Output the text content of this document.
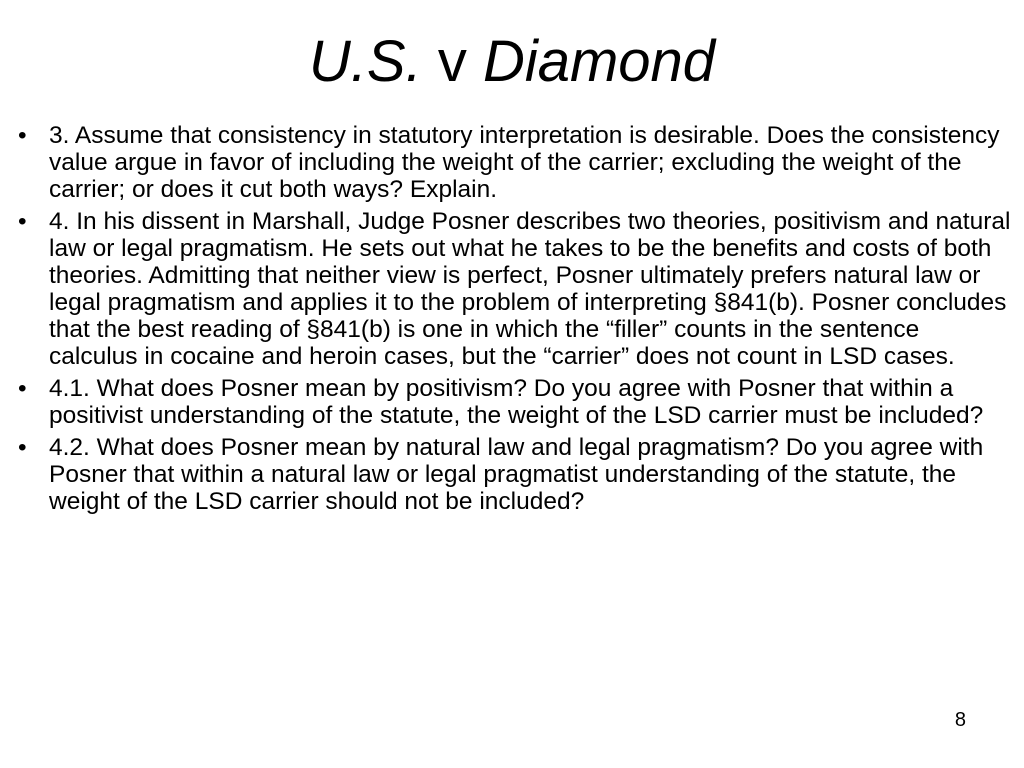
U.S. v Diamond
• 3. Assume that consistency in statutory interpretation is desirable. Does the consistency value argue in favor of including the weight of the carrier; excluding the weight of the carrier; or does it cut both ways? Explain.
• 4. In his dissent in Marshall, Judge Posner describes two theories, positivism and natural law or legal pragmatism. He sets out what he takes to be the benefits and costs of both theories. Admitting that neither view is perfect, Posner ultimately prefers natural law or legal pragmatism and applies it to the problem of interpreting §841(b). Posner concludes that the best reading of §841(b) is one in which the “filler” counts in the sentence calculus in cocaine and heroin cases, but the “carrier” does not count in LSD cases.
• 4.1. What does Posner mean by positivism? Do you agree with Posner that within a positivist understanding of the statute, the weight of the LSD carrier must be included?
• 4.2. What does Posner mean by natural law and legal pragmatism? Do you agree with Posner that within a natural law or legal pragmatist understanding of the statute, the weight of the LSD carrier should not be included?
8
